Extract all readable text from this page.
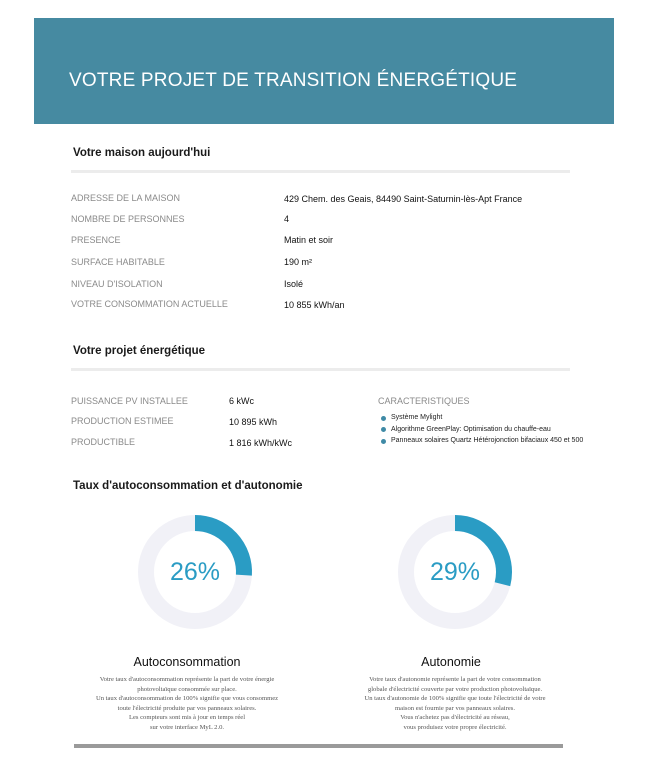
VOTRE PROJET DE TRANSITION ÉNERGÉTIQUE
Votre maison aujourd'hui
ADRESSE DE LA MAISON	429 Chem. des Geais, 84490 Saint-Saturnin-lès-Apt France
NOMBRE DE PERSONNES	4
PRESENCE	Matin et soir
SURFACE HABITABLE	190 m²
NIVEAU D'ISOLATION	Isolé
VOTRE CONSOMMATION ACTUELLE	10 855 kWh/an
Votre projet énergétique
PUISSANCE PV INSTALLEE	6 kWc
PRODUCTION ESTIMEE	10 895 kWh
PRODUCTIBLE	1 816 kWh/kWc
CARACTERISTIQUES
Système Mylight
Algorithme GreenPlay: Optimisation du chauffe-eau
Panneaux solaires Quartz Hétérojonction bifaciaux 450 et 500
Taux d'autoconsommation et d'autonomie
26%	29%
Autoconsommation
Votre taux d'autoconsommation représente la part de votre énergie
photovoltaïque consommée sur place.
Un taux d'autoconsommation de 100% signifie que vous consommez
toute l'électricité produite par vos panneaux solaires.
Les compteurs sont mis à jour en temps réel
sur votre interface MyL 2.0.
Autonomie
Votre taux d'autonomie représente la part de votre consommation
globale d'électricité couverte par votre production photovoltaïque.
Un taux d'autonomie de 100% signifie que toute l'électricité de votre
maison est fournie par vos panneaux solaires.
Vous n'achetez pas d'électricité au réseau,
vous produisez votre propre électricité.
